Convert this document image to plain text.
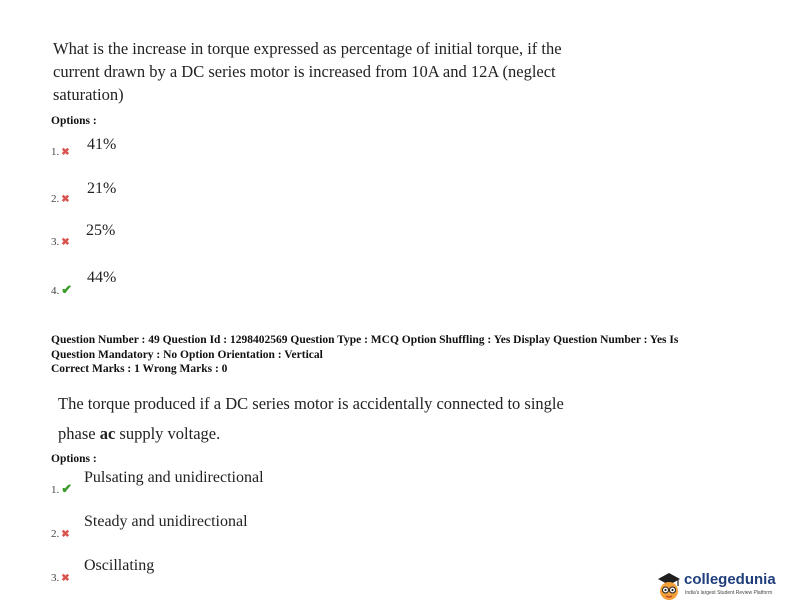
What is the increase in torque expressed as percentage of initial torque, if the

current drawn by a DC series motor is increased from 10A and 12A (neglect

saturation)

Options :
1. ✖ 41%
2. ✖
21%
3. ✖
25%
4. ✔
44%

Question Number : 49 Question Id : 1298402569 Question Type : MCQ Option Shuffling : Yes Display Question Number : Yes Is

Question Mandatory : No Option Orientation : Vertical

Correct Marks : 1 Wrong Marks : 0

The torque produced if a DC series motor is accidentally connected to single

phase ac supply voltage.

Options :
1. ✔
Pulsating and unidirectional
2. ✖
Steady and unidirectional
3. ✖
Oscillating
collegedunia
India's largest Student Review Platform
